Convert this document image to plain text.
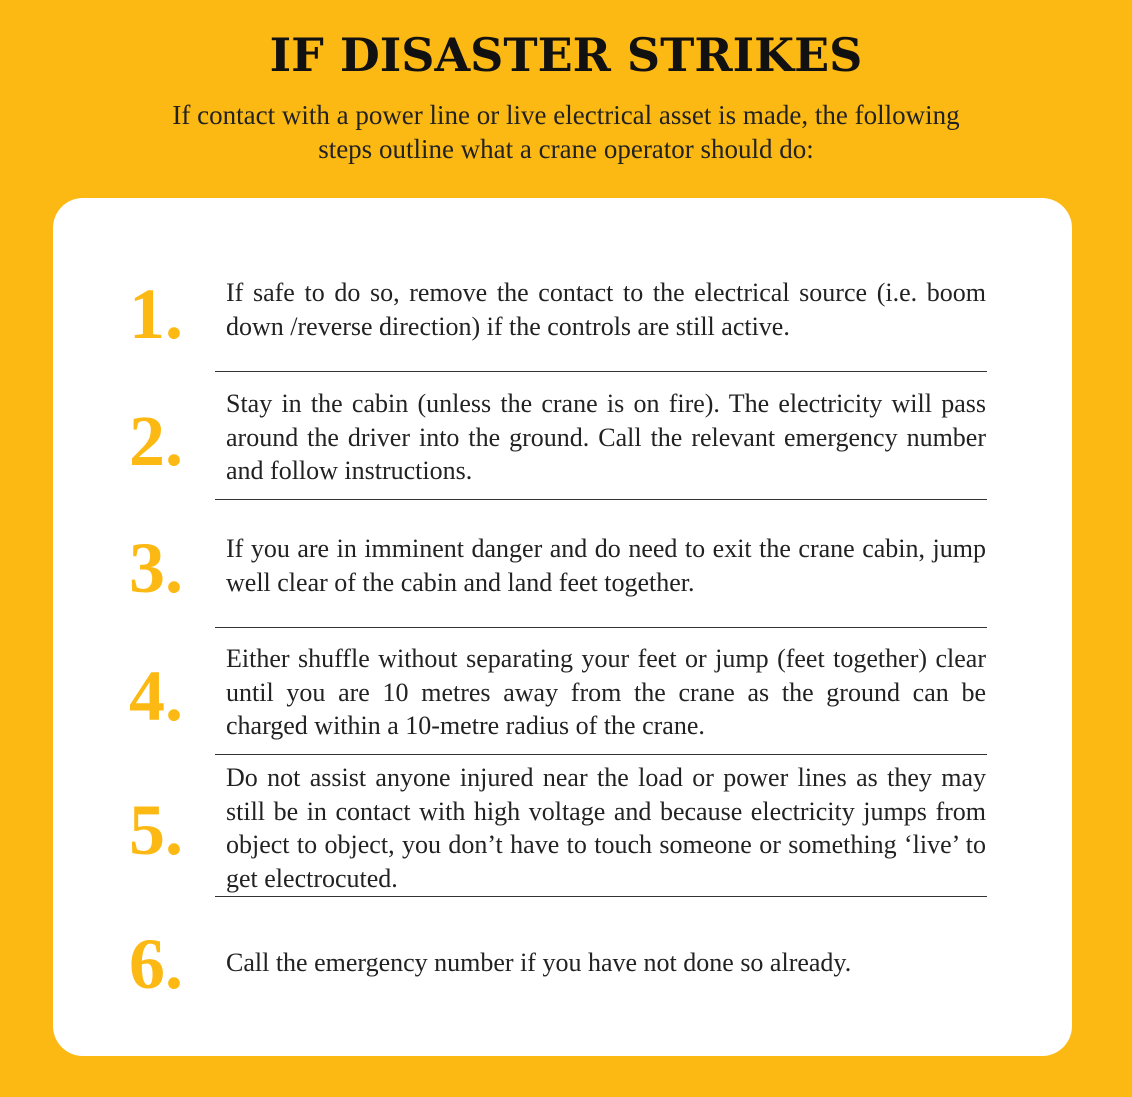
IF DISASTER STRIKES

If contact with a power line or live electrical asset is made, the following steps outline what a crane operator should do:

1. If safe to do so, remove the contact to the electrical source (i.e. boom down /reverse direction) if the controls are still active.
2. Stay in the cabin (unless the crane is on fire). The electricity will pass around the driver into the ground. Call the relevant emergency number and follow instructions.
3. If you are in imminent danger and do need to exit the crane cabin, jump well clear of the cabin and land feet together.
4. Either shuffle without separating your feet or jump (feet together) clear until you are 10 metres away from the crane as the ground can be charged within a 10-metre radius of the crane.
5.
Do not assist anyone injured near the load or power lines as they may still be in contact with high voltage and because electricity jumps from object to object, you don’t have to touch someone or something ‘live’ to get electrocuted.
6. Call the emergency number if you have not done so already.
